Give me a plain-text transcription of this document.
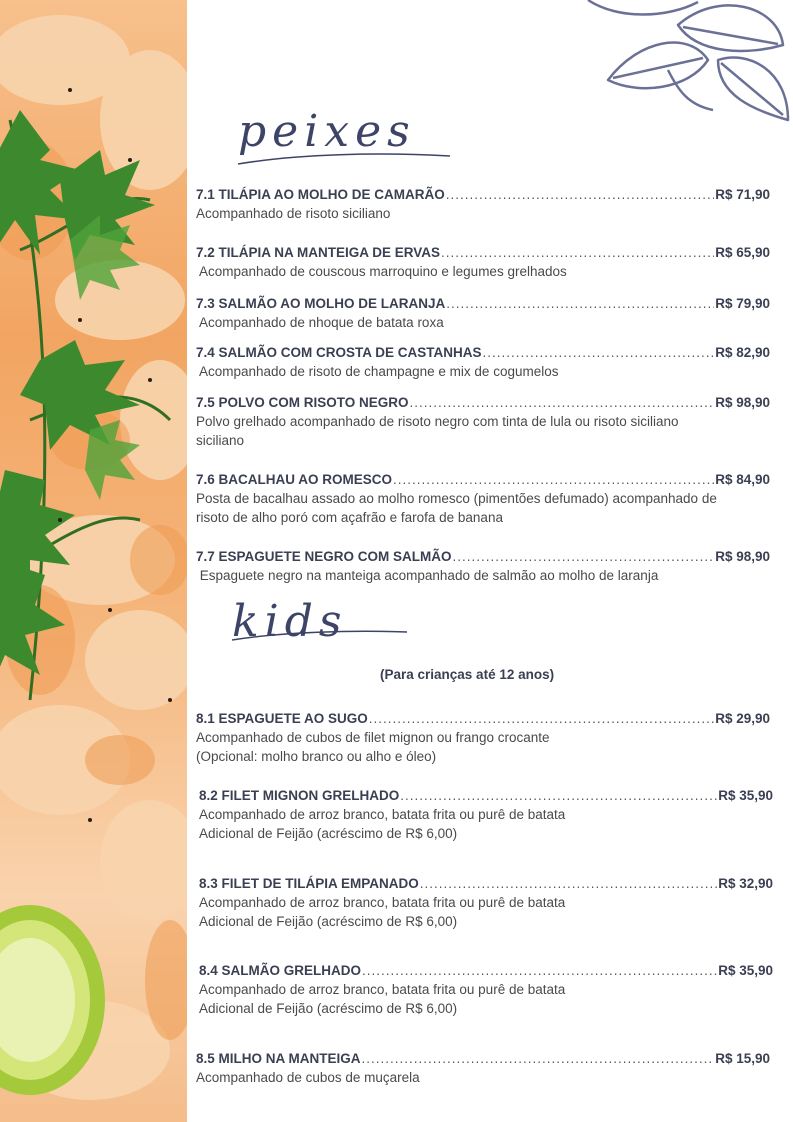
peixes
7.1 TILÁPIA AO MOLHO DE CAMARÃO .....	R$ 71,90
Acompanhado de risoto siciliano
7.2 TILÁPIA NA MANTEIGA DE ERVAS .....	R$ 65,90
Acompanhado de couscous marroquino e legumes grelhados
7.3 SALMÃO AO MOLHO DE LARANJA .....	R$ 79,90
Acompanhado de nhoque de batata roxa
7.4 SALMÃO COM CROSTA DE CASTANHAS .....	R$ 82,90
Acompanhado de risoto de champagne e mix de cogumelos
7.5 POLVO COM RISOTO NEGRO .....	R$ 98,90
Polvo grelhado acompanhado de risoto negro com tinta de lula ou risoto siciliano
siciliano
7.6 BACALHAU AO ROMESCO .....	R$ 84,90
Posta de bacalhau assado ao molho romesco (pimentões defumado) acompanhado de
risoto de alho poró com açafrão e farofa de banana
7.7 ESPAGUETE NEGRO COM SALMÃO .....	R$ 98,90
Espaguete negro na manteiga acompanhado de salmão ao molho de laranja
kids
(Para crianças até 12 anos)
8.1 ESPAGUETE AO SUGO .....	R$ 29,90
Acompanhado de cubos de filet mignon ou frango crocante
(Opcional: molho branco ou alho e óleo)
8.2 FILET MIGNON GRELHADO .....	R$ 35,90
Acompanhado de arroz branco, batata frita ou purê de batata
Adicional de Feijão (acréscimo de R$ 6,00)
8.3 FILET DE TILÁPIA EMPANADO .....	R$ 32,90
Acompanhado de arroz branco, batata frita ou purê de batata
Adicional de Feijão (acréscimo de R$ 6,00)
8.4 SALMÃO GRELHADO .....	R$ 35,90
Acompanhado de arroz branco, batata frita ou purê de batata
Adicional de Feijão (acréscimo de R$ 6,00)
8.5 MILHO NA MANTEIGA .....	R$ 15,90
Acompanhado de cubos de muçarela
